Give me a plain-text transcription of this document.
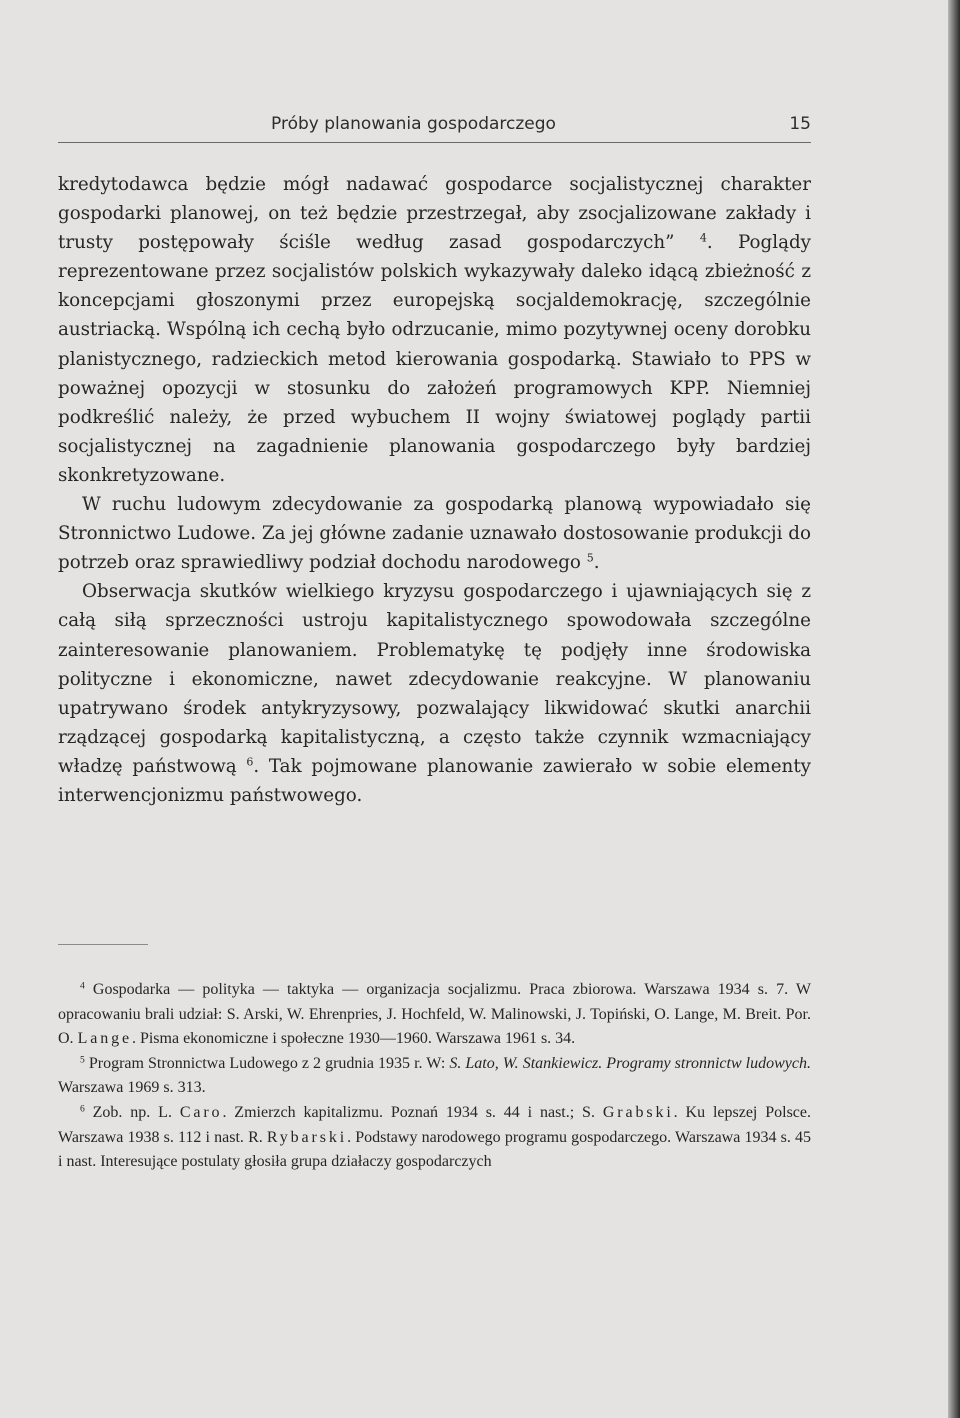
Próby planowania gospodarczego	15

kredytodawca będzie mógł nadawać gospodarce socjalistycznej charakter gospodarki planowej, on też będzie przestrzegał, aby zsocjalizowane zakłady i trusty postępowały ściśle według zasad gospodarczych” $^4$. Poglądy reprezentowane przez socjalistów polskich wykazywały daleko idącą zbieżność z koncepcjami głoszonymi przez europejską socjaldemokrację, szczególnie austriacką. Wspólną ich cechą było odrzucanie, mimo pozytywnej oceny dorobku planistycznego, radzieckich metod kierowania gospodarką. Stawiało to PPS w poważnej opozycji w stosunku do założeń programowych KPP. Niemniej podkreślić należy, że przed wybuchem II wojny światowej poglądy partii socjalistycznej na zagadnienie planowania gospodarczego były bardziej skonkretyzowane.

W ruchu ludowym zdecydowanie za gospodarką planową wypowiadało się Stronnictwo Ludowe. Za jej główne zadanie uznawało dostosowanie produkcji do potrzeb oraz sprawiedliwy podział dochodu narodowego $^5$.

Obserwacja skutków wielkiego kryzysu gospodarczego i ujawniających się z całą siłą sprzeczności ustroju kapitalistycznego spowodowała szczególne zainteresowanie planowaniem. Problematykę tę podjęły inne środowiska polityczne i ekonomiczne, nawet zdecydowanie reakcyjne. W planowaniu upatrywano środek antykryzysowy, pozwalający likwidować skutki anarchii rządzącej gospodarką kapitalistyczną, a często także czynnik wzmacniający władzę państwową $^6$. Tak pojmowane planowanie zawierało w sobie elementy interwencjonizmu państwowego.

$^4$ Gospodarka — polityka — taktyka — organizacja socjalizmu. Praca zbiorowa. Warszawa 1934 s. 7. W opracowaniu brali udział: S. Arski, W. Ehrenpries, J. Hochfeld, W. Malinowski, J. Topiński, O. Lange, M. Breit. Por. O. Lange. Pisma ekonomiczne i społeczne 1930—1960. Warszawa 1961 s. 34.

$^5$ Program Stronnictwa Ludowego z 2 grudnia 1935 r. W: S. Lato, W. Stankiewicz. Programy stronnictw ludowych. Warszawa 1969 s. 313.

$^6$ Zob. np. L. Caro. Zmierzch kapitalizmu. Poznań 1934 s. 44 i nast.; S. Grabski. Ku lepszej Polsce. Warszawa 1938 s. 112 i nast. R. Rybarski. Podstawy narodowego programu gospodarczego. Warszawa 1934 s. 45 i nast. Interesujące postulaty głosiła grupa działaczy gospodarczych
